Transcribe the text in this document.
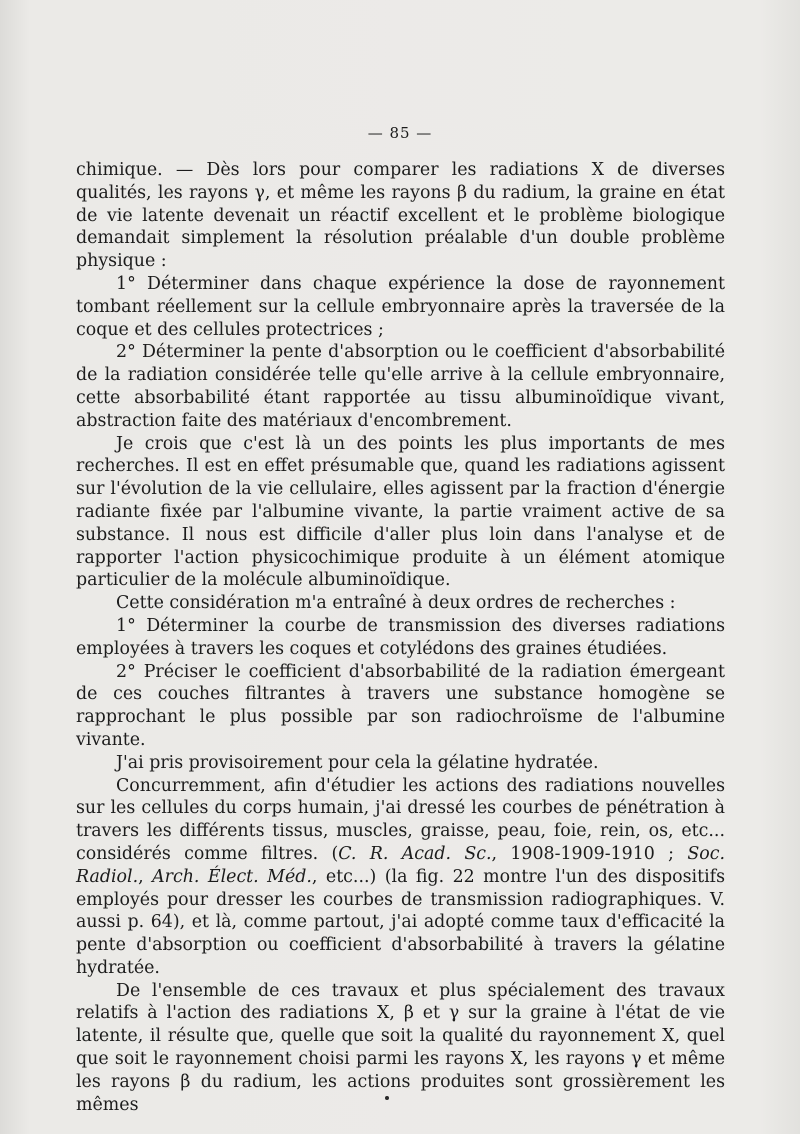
— 85 —

chimique. — Dès lors pour comparer les radiations X de diverses qualités, les rayons γ, et même les rayons β du radium, la graine en état de vie latente devenait un réactif excellent et le problème biologique demandait simplement la résolution préalable d'un double problème physique :

1° Déterminer dans chaque expérience la dose de rayonnement tombant réellement sur la cellule embryonnaire après la traversée de la coque et des cellules protectrices ;

2° Déterminer la pente d'absorption ou le coefficient d'absorbabilité de la radiation considérée telle qu'elle arrive à la cellule embryonnaire, cette absorbabilité étant rapportée au tissu albuminoïdique vivant, abstraction faite des matériaux d'encombrement.

Je crois que c'est là un des points les plus importants de mes recherches. Il est en effet présumable que, quand les radiations agissent sur l'évolution de la vie cellulaire, elles agissent par la fraction d'énergie radiante fixée par l'albumine vivante, la partie vraiment active de sa substance. Il nous est difficile d'aller plus loin dans l'analyse et de rapporter l'action physicochimique produite à un élément atomique particulier de la molécule albuminoïdique.

Cette considération m'a entraîné à deux ordres de recherches :

1° Déterminer la courbe de transmission des diverses radiations employées à travers les coques et cotylédons des graines étudiées.

2° Préciser le coefficient d'absorbabilité de la radiation émergeant de ces couches filtrantes à travers une substance homogène se rapprochant le plus possible par son radiochroïsme de l'albumine vivante.

J'ai pris provisoirement pour cela la gélatine hydratée.

Concurremment, afin d'étudier les actions des radiations nouvelles sur les cellules du corps humain, j'ai dressé les courbes de pénétration à travers les différents tissus, muscles, graisse, peau, foie, rein, os, etc... considérés comme filtres. (C. R. Acad. Sc., 1908-1909-1910 ; Soc. Radiol., Arch. Élect. Méd., etc...) (la fig. 22 montre l'un des dispositifs employés pour dresser les courbes de transmission radiographiques. V. aussi p. 64), et là, comme partout, j'ai adopté comme taux d'efficacité la pente d'absorption ou coefficient d'absorbabilité à travers la gélatine hydratée.

De l'ensemble de ces travaux et plus spécialement des travaux relatifs à l'action des radiations X, β et γ sur la graine à l'état de vie latente, il résulte que, quelle que soit la qualité du rayonnement X, quel que soit le rayonnement choisi parmi les rayons X, les rayons γ et même les rayons β du radium, les actions produites sont grossièrement les mêmes
